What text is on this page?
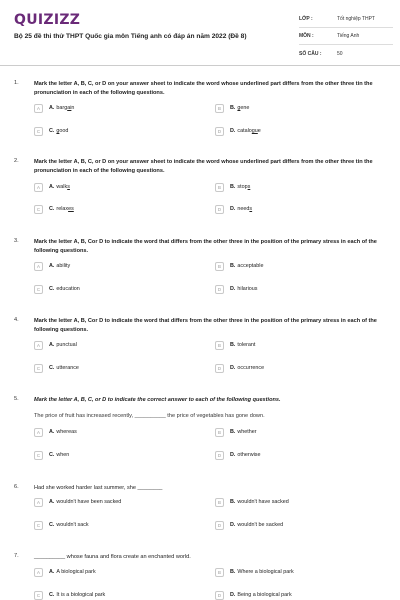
QUIZIZZ
Bộ 25 đề thi thử THPT Quốc gia môn Tiếng anh có đáp án năm 2022 (Đề 8)
LỚP :	Tốt nghiệp THPT
MÔN :	Tiếng Anh
SỐ CÂU :	50
1.	Mark the letter A, B, C, or D on your answer sheet to indicate the word whose underlined part differs from the other three tin the pronunciation in each of the following questions.
A	A. bargain	B	B. gene
C	C. good	D	D. catalogue
2.	Mark the letter A, B, C, or D on your answer sheet to indicate the word whose underlined part differs from the other three tin the pronunciation in each of the following questions.
A	A. walks	B	B. stops
C	C. relaxes	D	D. needs
3.	Mark the letter A, B, Cor D to indicate the word that differs from the other three in the position of the primary stress in each of the following questions.
A	A. ability	B	B. acceptable
C	C. education	D	D. hilarious
4.	Mark the letter A, B, Cor D to indicate the word that differs from the other three in the position of the primary stress in each of the following questions.
A	A. punctual	B	B. tolerant
C	C. utterance	D	D. occurrence
5.	Mark the letter A, B, C, or D to indicate the correct answer to each of the following questions.
The price of fruit has increased recently, __________ the price of vegetables has gone down.
A	A. whereas	B	B. whether
C	C. when	D	D. otherwise
6.	Had she worked harder last summer, she ________
A	A. wouldn't have been sacked	B	B. wouldn't have sacked
C	C. wouldn't sack	D	D. wouldn't be sacked
7.	__________ whose fauna and flora create an enchanted world.
A	A. A biological park	B	B. Where a biological park
C	C. It is a biological park	D	D. Being a biological park
